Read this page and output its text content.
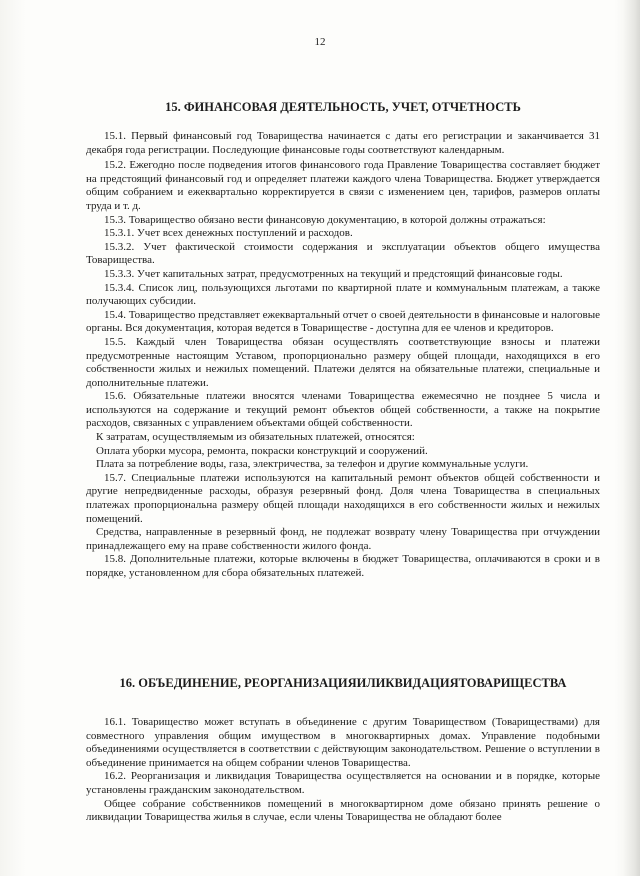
12
15. ФИНАНСОВАЯ ДЕЯТЕЛЬНОСТЬ, УЧЕТ, ОТЧЕТНОСТЬ

15.1. Первый финансовый год Товарищества начинается с даты его регистрации и заканчивается 31 декабря года регистрации. Последующие финансовые годы соответствуют календарным.

15.2. Ежегодно после подведения итогов финансового года Правление Товарищества составляет бюджет на предстоящий финансовый год и определяет платежи каждого члена Товарищества. Бюджет утверждается общим собранием и ежеквартально корректируется в связи с изменением цен, тарифов, размеров оплаты труда и т. д.

15.3. Товарищество обязано вести финансовую документацию, в которой должны отражаться:

15.3.1. Учет всех денежных поступлений и расходов.

15.3.2. Учет фактической стоимости содержания и эксплуатации объектов общего имущества Товарищества.

15.3.3. Учет капитальных затрат, предусмотренных на текущий и предстоящий финансовые годы.

15.3.4. Список лиц, пользующихся льготами по квартирной плате и коммунальным платежам, а также получающих субсидии.

15.4. Товарищество представляет ежеквартальный отчет о своей деятельности в финансовые и налоговые органы. Вся документация, которая ведется в Товариществе - доступна для ее членов и кредиторов.

15.5. Каждый член Товарищества обязан осуществлять соответствующие взносы и платежи предусмотренные настоящим Уставом, пропорционально размеру общей площади, находящихся в его собственности жилых и нежилых помещений. Платежи делятся на обязательные платежи, специальные и дополнительные платежи.

15.6. Обязательные платежи вносятся членами Товарищества ежемесячно не позднее 5 числа и используются на содержание и текущий ремонт объектов общей собственности, а также на покрытие расходов, связанных с управлением объектами общей собственности.

К затратам, осуществляемым из обязательных платежей, относятся:

Оплата уборки мусора, ремонта, покраски конструкций и сооружений.

Плата за потребление воды, газа, электричества, за телефон и другие коммунальные услуги.

15.7. Специальные платежи используются на капитальный ремонт объектов общей собственности и другие непредвиденные расходы, образуя резервный фонд. Доля члена Товарищества в специальных платежах пропорциональна размеру общей площади находящихся в его собственности жилых и нежилых помещений.

Средства, направленные в резервный фонд, не подлежат возврату члену Товарищества при отчуждении принадлежащего ему на праве собственности жилого фонда.

15.8. Дополнительные платежи, которые включены в бюджет Товарищества, оплачиваются в сроки и в порядке, установленном для сбора обязательных платежей.

16. ОБЪЕДИНЕНИЕ, РЕОРГАНИЗАЦИЯИЛИКВИДАЦИЯТОВАРИЩЕСТВА

16.1. Товарищество может вступать в объединение с другим Товариществом (Товариществами) для совместного управления общим имуществом в многоквартирных домах. Управление подобными объединениями осуществляется в соответствии с действующим законодательством. Решение о вступлении в объединение принимается на общем собрании членов Товарищества.

16.2. Реорганизация и ликвидация Товарищества осуществляется на основании и в порядке, которые установлены гражданским законодательством.

Общее собрание собственников помещений в многоквартирном доме обязано принять решение о ликвидации Товарищества жилья в случае, если члены Товарищества не обладают более
